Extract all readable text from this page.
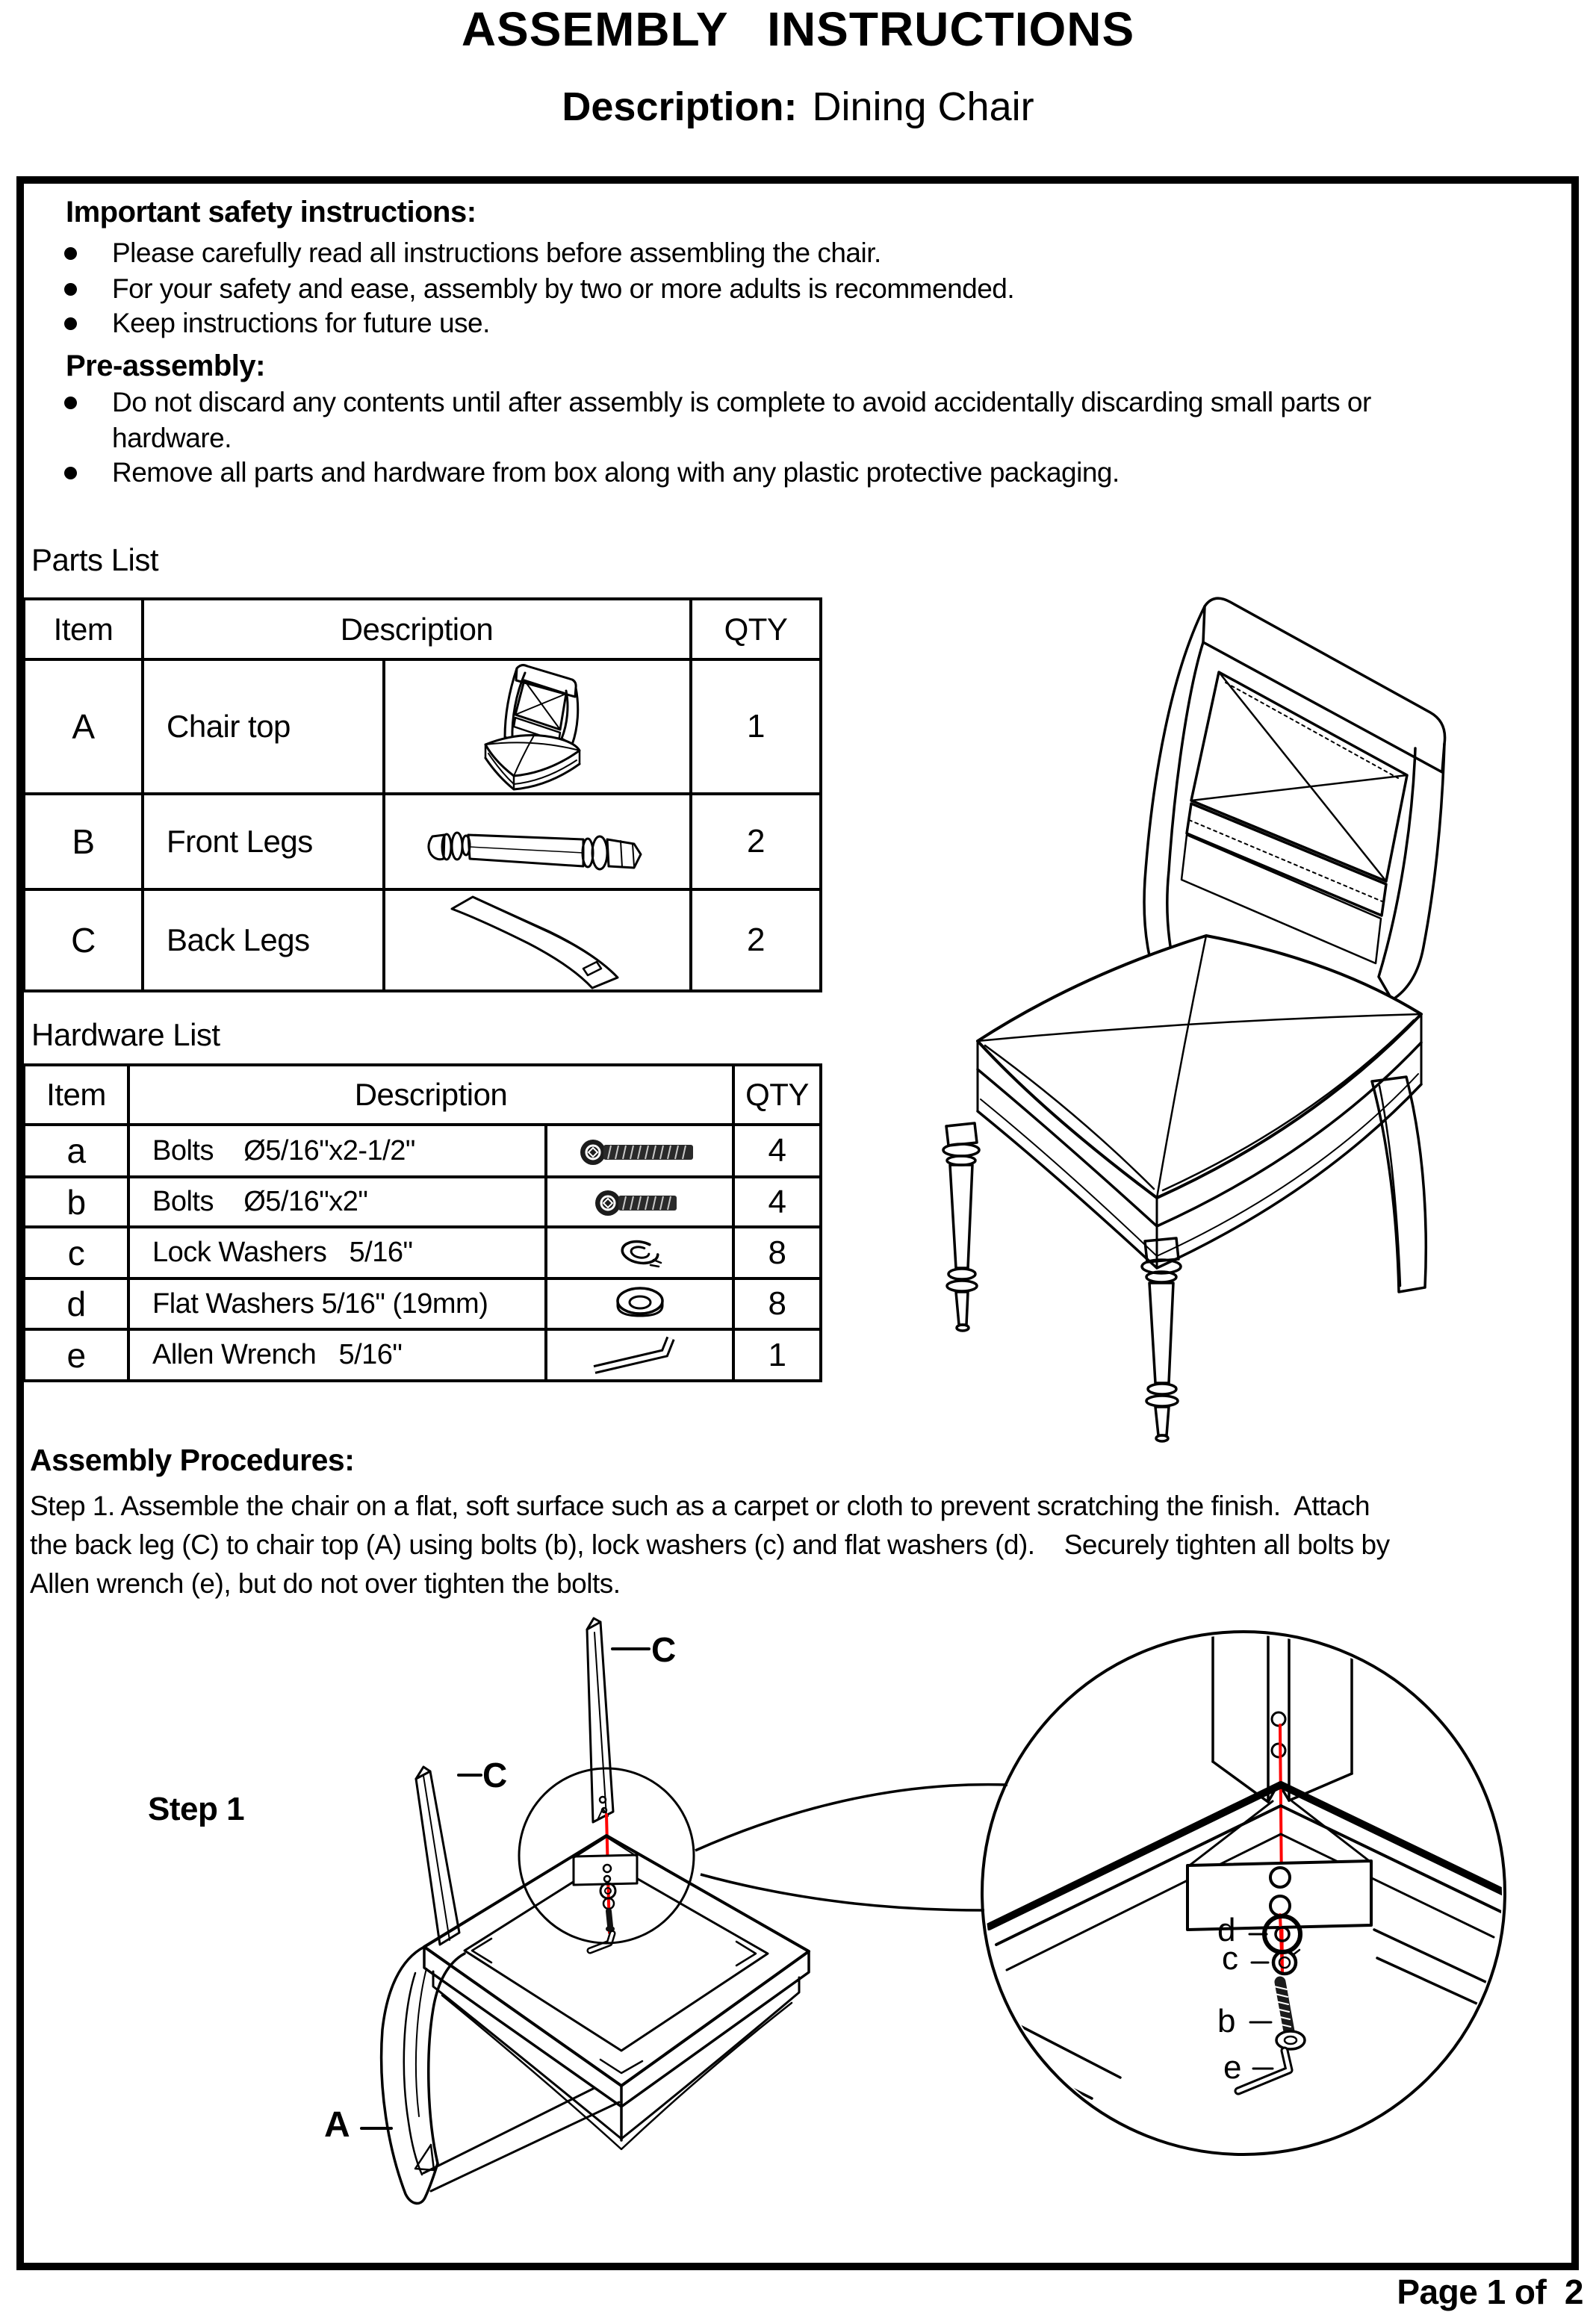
ASSEMBLY INSTRUCTIONS
Description: Dining Chair
Important safety instructions:
Please carefully read all instructions before assembling the chair.
For your safety and ease, assembly by two or more adults is recommended.
Keep instructions for future use.
Pre-assembly:
Do not discard any contents until after assembly is complete to avoid accidentally discarding small parts or
hardware.
Remove all parts and hardware from box along with any plastic protective packaging.
Parts List
Item	Description		QTY
A	Chair top		1
B	Front Legs		2
C	Back Legs		2
Hardware List
Item	Description		QTY
a	Bolts    Ø5/16"x2-1/2"		4
b	Bolts    Ø5/16"x2"		4
c	Lock Washers   5/16"		8
d	Flat Washers 5/16" (19mm)		8
e	Allen Wrench   5/16"		1
Assembly Procedures:
Step 1. Assemble the chair on a flat, soft surface such as a carpet or cloth to prevent scratching the finish.  Attach
the back leg (C) to chair top (A) using bolts (b), lock washers (c) and flat washers (d).    Securely tighten all bolts by
Allen wrench (e), but do not over tighten the bolts.
Step 1
C
C
A
d
c
b
e
Page 1 of  2
